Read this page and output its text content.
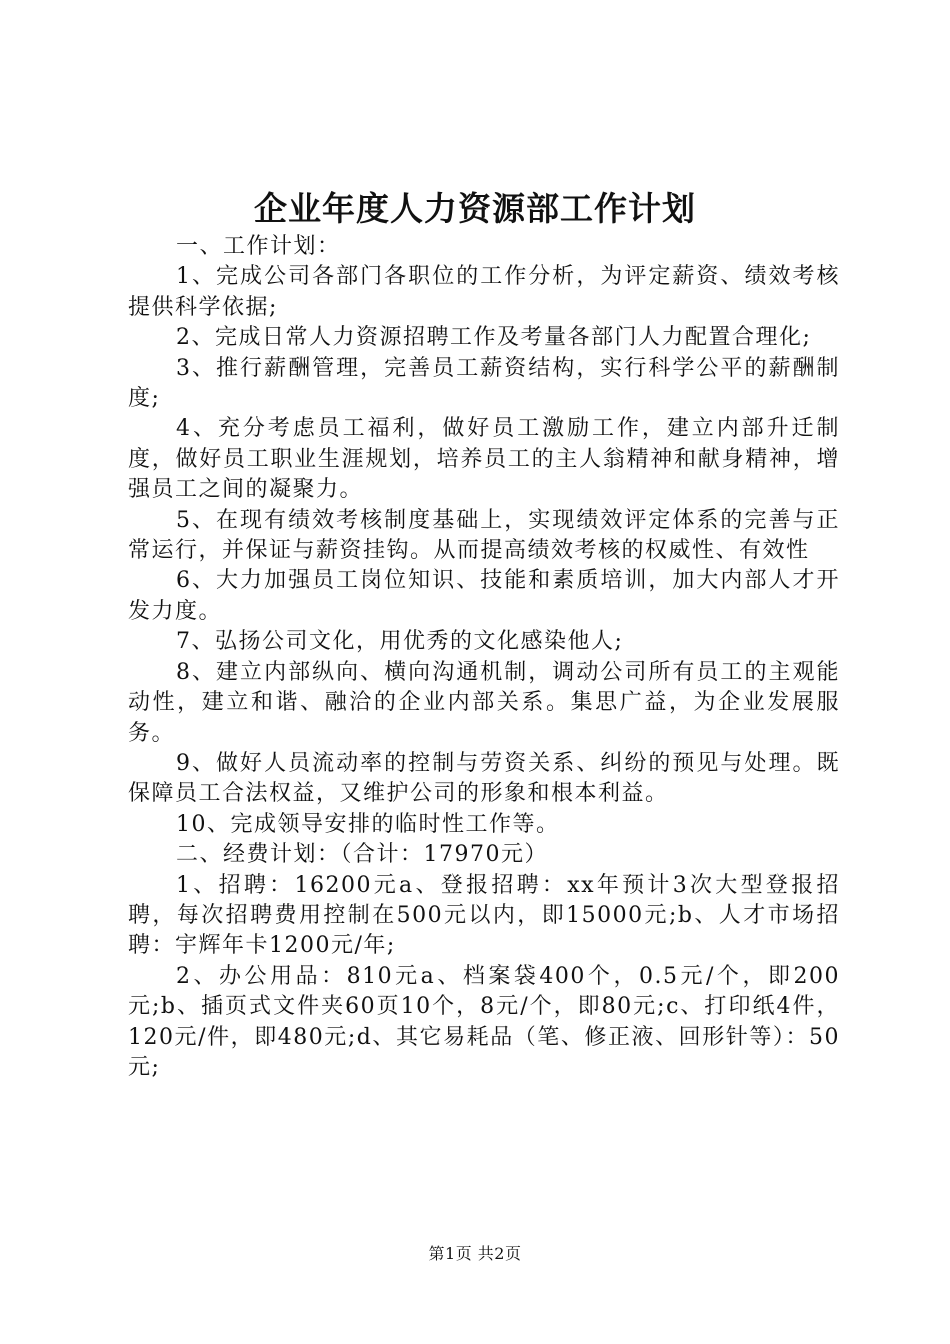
企业年度人力资源部工作计划

一、工作计划：

1、完成公司各部门各职位的工作分析，为评定薪资、绩效考核提供科学依据;

2、完成日常人力资源招聘工作及考量各部门人力配置合理化;

3、推行薪酬管理，完善员工薪资结构，实行科学公平的薪酬制度;

4、充分考虑员工福利，做好员工激励工作，建立内部升迁制度，做好员工职业生涯规划，培养员工的主人翁精神和献身精神，增强员工之间的凝聚力。

5、在现有绩效考核制度基础上，实现绩效评定体系的完善与正常运行，并保证与薪资挂钩。从而提高绩效考核的权威性、有效性

6、大力加强员工岗位知识、技能和素质培训，加大内部人才开发力度。

7、弘扬公司文化，用优秀的文化感染他人;

8、建立内部纵向、横向沟通机制，调动公司所有员工的主观能动性，建立和谐、融洽的企业内部关系。集思广益，为企业发展服务。

9、做好人员流动率的控制与劳资关系、纠纷的预见与处理。既保障员工合法权益，又维护公司的形象和根本利益。

10、完成领导安排的临时性工作等。

二、经费计划：（合计：17970元）

1、招聘：16200元a、登报招聘：xx年预计3次大型登报招聘，每次招聘费用控制在500元以内，即15000元;b、人才市场招聘：宇辉年卡1200元/年;

2、办公用品：810元a、档案袋400个，0.5元/个，即200元;b、插页式文件夹60页10个，8元/个，即80元;c、打印纸4件，120元/件，即480元;d、其它易耗品（笔、修正液、回形针等）：50元;

第1页 共2页
